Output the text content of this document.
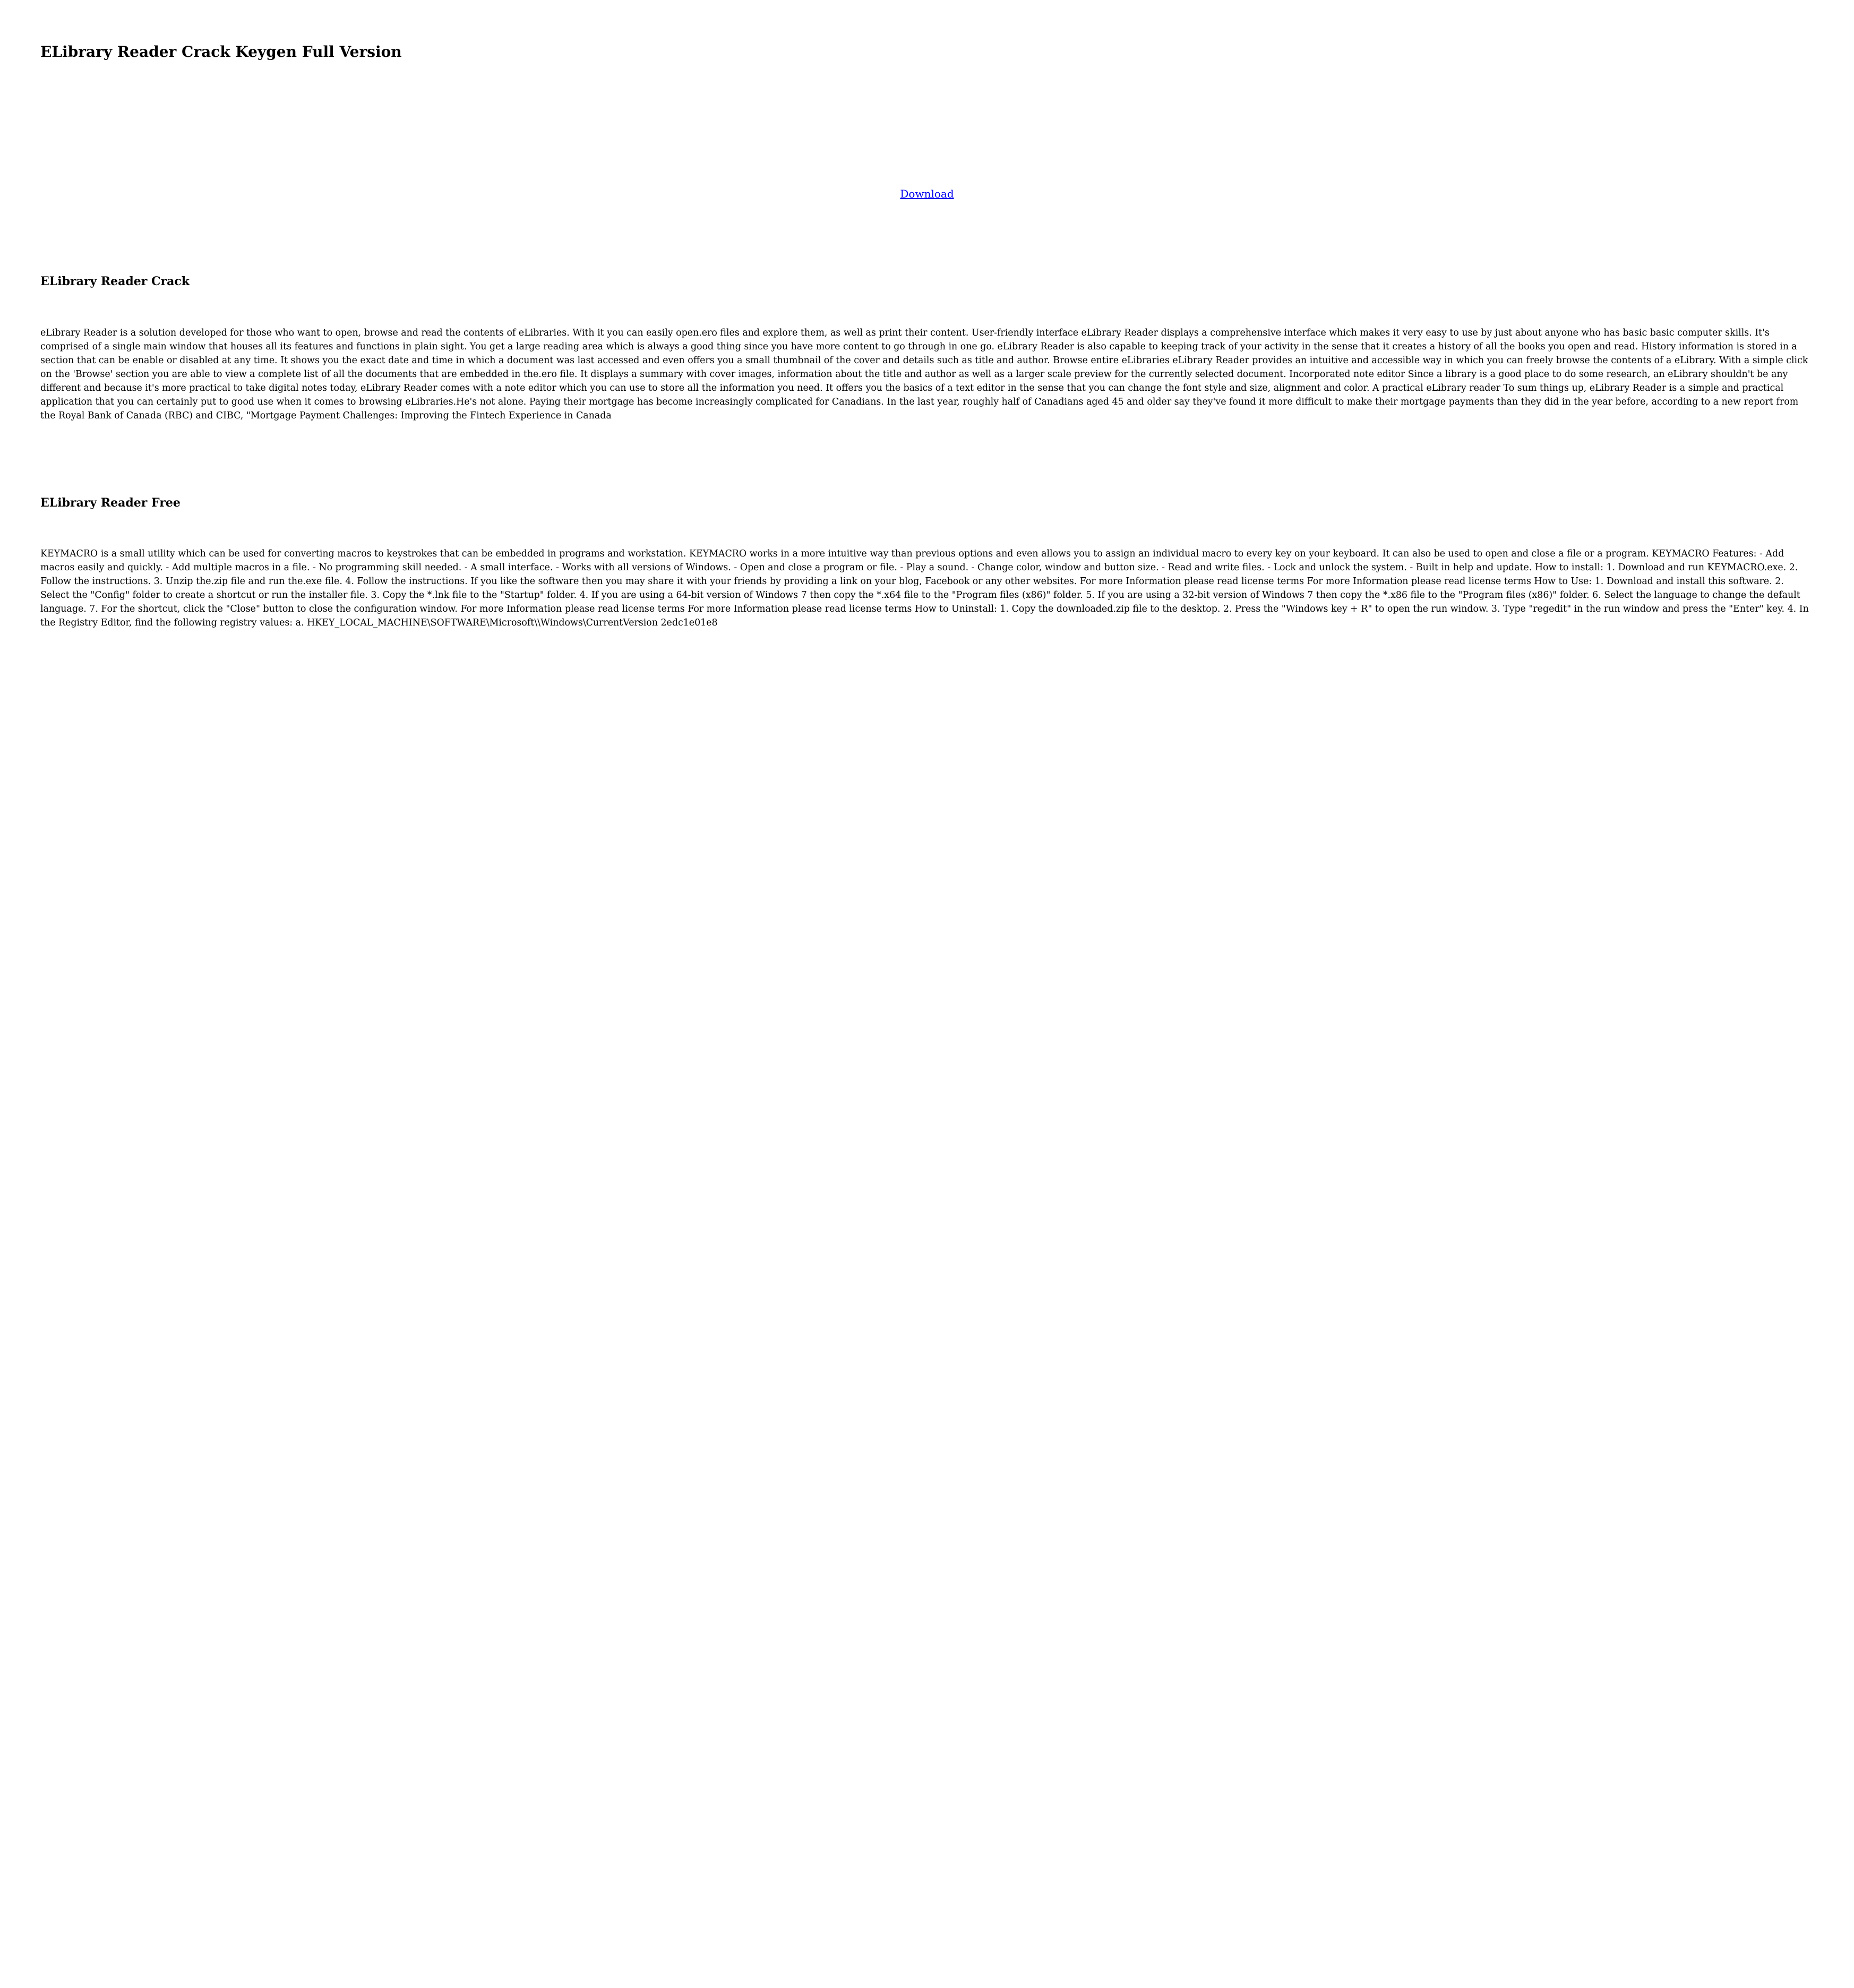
ELibrary Reader Crack Keygen Full Version
Download
ELibrary Reader Crack

eLibrary Reader is a solution developed for those who want to open, browse and read the contents of eLibraries. With it you can easily open.ero files and explore them, as well as print their content. User-friendly interface eLibrary Reader displays a comprehensive interface which makes it very easy to use by just about anyone who has basic basic computer skills. It's comprised of a single main window that houses all its features and functions in plain sight. You get a large reading area which is always a good thing since you have more content to go through in one go. eLibrary Reader is also capable to keeping track of your activity in the sense that it creates a history of all the books you open and read. History information is stored in a section that can be enable or disabled at any time. It shows you the exact date and time in which a document was last accessed and even offers you a small thumbnail of the cover and details such as title and author. Browse entire eLibraries eLibrary Reader provides an intuitive and accessible way in which you can freely browse the contents of a eLibrary. With a simple click on the 'Browse' section you are able to view a complete list of all the documents that are embedded in the.ero file. It displays a summary with cover images, information about the title and author as well as a larger scale preview for the currently selected document. Incorporated note editor Since a library is a good place to do some research, an eLibrary shouldn't be any different and because it's more practical to take digital notes today, eLibrary Reader comes with a note editor which you can use to store all the information you need. It offers you the basics of a text editor in the sense that you can change the font style and size, alignment and color. A practical eLibrary reader To sum things up, eLibrary Reader is a simple and practical application that you can certainly put to good use when it comes to browsing eLibraries.He's not alone. Paying their mortgage has become increasingly complicated for Canadians. In the last year, roughly half of Canadians aged 45 and older say they've found it more difficult to make their mortgage payments than they did in the year before, according to a new report from the Royal Bank of Canada (RBC) and CIBC, "Mortgage Payment Challenges: Improving the Fintech Experience in Canada

ELibrary Reader Free

KEYMACRO is a small utility which can be used for converting macros to keystrokes that can be embedded in programs and workstation. KEYMACRO works in a more intuitive way than previous options and even allows you to assign an individual macro to every key on your keyboard. It can also be used to open and close a file or a program. KEYMACRO Features: - Add macros easily and quickly. - Add multiple macros in a file. - No programming skill needed. - A small interface. - Works with all versions of Windows. - Open and close a program or file. - Play a sound. - Change color, window and button size. - Read and write files. - Lock and unlock the system. - Built in help and update. How to install: 1. Download and run KEYMACRO.exe. 2. Follow the instructions. 3. Unzip the.zip file and run the.exe file. 4. Follow the instructions. If you like the software then you may share it with your friends by providing a link on your blog, Facebook or any other websites. For more Information please read license terms For more Information please read license terms How to Use: 1. Download and install this software. 2. Select the "Config" folder to create a shortcut or run the installer file. 3. Copy the *.lnk file to the "Startup" folder. 4. If you are using a 64-bit version of Windows 7 then copy the *.x64 file to the "Program files (x86)" folder. 5. If you are using a 32-bit version of Windows 7 then copy the *.x86 file to the "Program files (x86)" folder. 6. Select the language to change the default language. 7. For the shortcut, click the "Close" button to close the configuration window. For more Information please read license terms For more Information please read license terms How to Uninstall: 1. Copy the downloaded.zip file to the desktop. 2. Press the "Windows key + R" to open the run window. 3. Type "regedit" in the run window and press the "Enter" key. 4. In the Registry Editor, find the following registry values: a. HKEY_LOCAL_MACHINE\SOFTWARE\Microsoft\\Windows\CurrentVersion 2edc1e01e8
